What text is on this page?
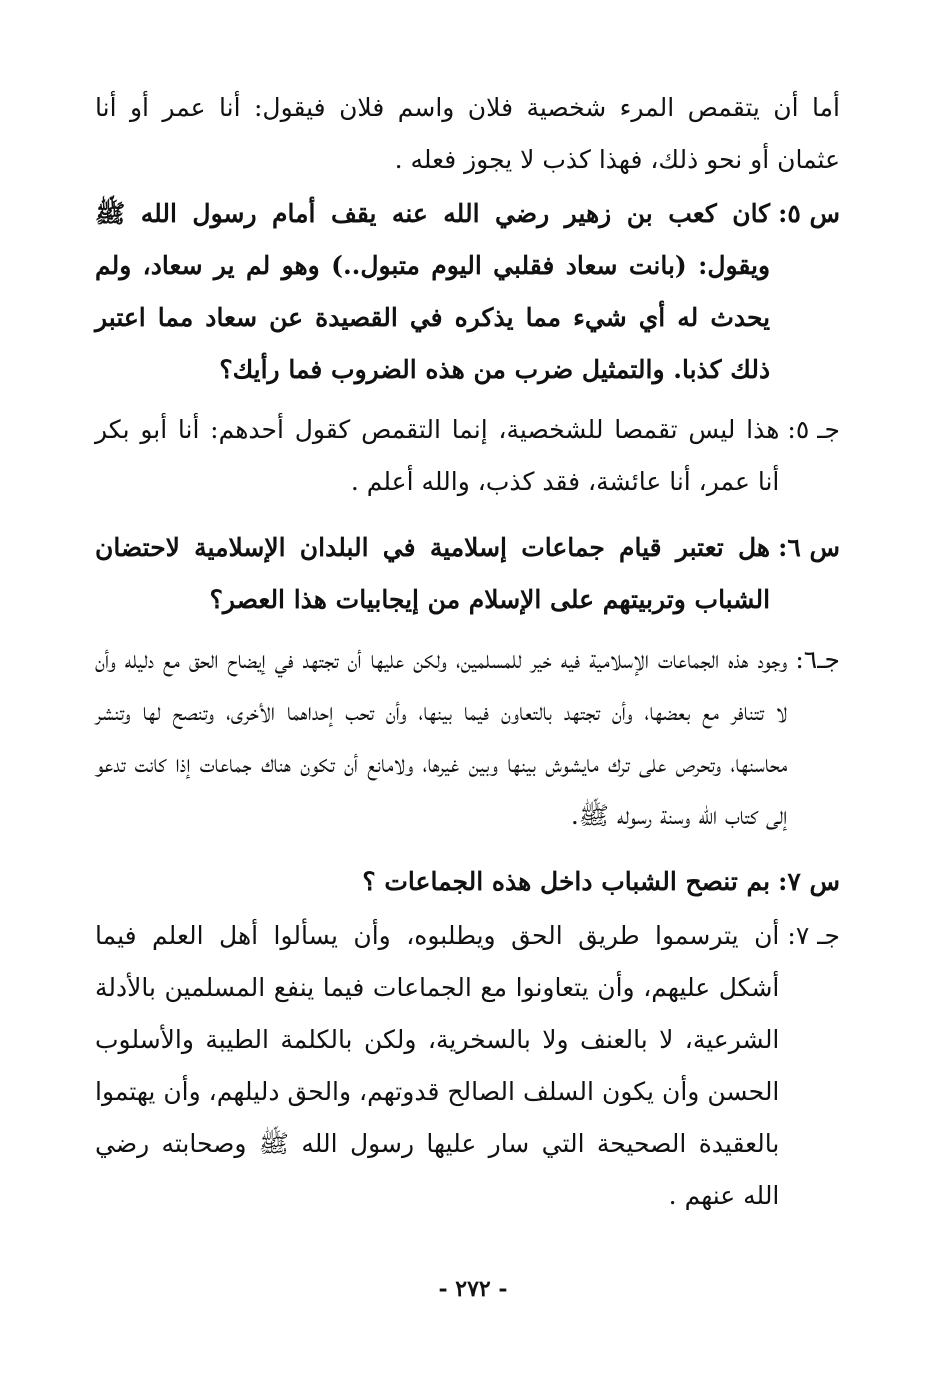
أما أن يتقمص المرء شخصية فلان واسم فلان فيقول: أنا عمر أو أنا عثمان أو نحو ذلك، فهذا كذب لا يجوز فعله .

س ٥:
كان كعب بن زهير رضي الله عنه يقف أمام رسول الله ﷺ ويقول: (بانت سعاد فقلبي اليوم متبول..) وهو لم ير سعاد، ولم يحدث له أي شيء مما يذكره في القصيدة عن سعاد مما اعتبر ذلك كذبا. والتمثيل ضرب من هذه الضروب فما رأيك؟
جـ ٥:
هذا ليس تقمصا للشخصية، إنما التقمص كقول أحدهم: أنا أبو بكر أنا عمر، أنا عائشة، فقد كذب، والله أعلم .
س ٦:
هل تعتبر قيام جماعات إسلامية في البلدان الإسلامية لاحتضان الشباب وتربيتهم على الإسلام من إيجابيات هذا العصر؟
جـ٦:
وجود هذه الجماعات الإسلامية فيه خير للمسلمين، ولكن عليها أن تجتهد في إيضاح الحق مع دليله وأن لا تتنافر مع بعضها، وأن تجتهد بالتعاون فيما بينها، وأن تحب إحداهما الأخرى، وتنصح لها وتنشر محاسنها، وتحرص على ترك مايشوش بينها وبين غيرها، ولامانع أن تكون هناك جماعات إذا كانت تدعو إلى كتاب الله وسنة رسوله ﷺ.
س ٧:
بم تنصح الشباب داخل هذه الجماعات ؟
جـ ٧:
أن يترسموا طريق الحق ويطلبوه، وأن يسألوا أهل العلم فيما أشكل عليهم، وأن يتعاونوا مع الجماعات فيما ينفع المسلمين بالأدلة الشرعية، لا بالعنف ولا بالسخرية، ولكن بالكلمة الطيبة والأسلوب الحسن وأن يكون السلف الصالح قدوتهم، والحق دليلهم، وأن يهتموا بالعقيدة الصحيحة التي سار عليها رسول الله ﷺ وصحابته رضي الله عنهم .
- ٢٧٢ -
